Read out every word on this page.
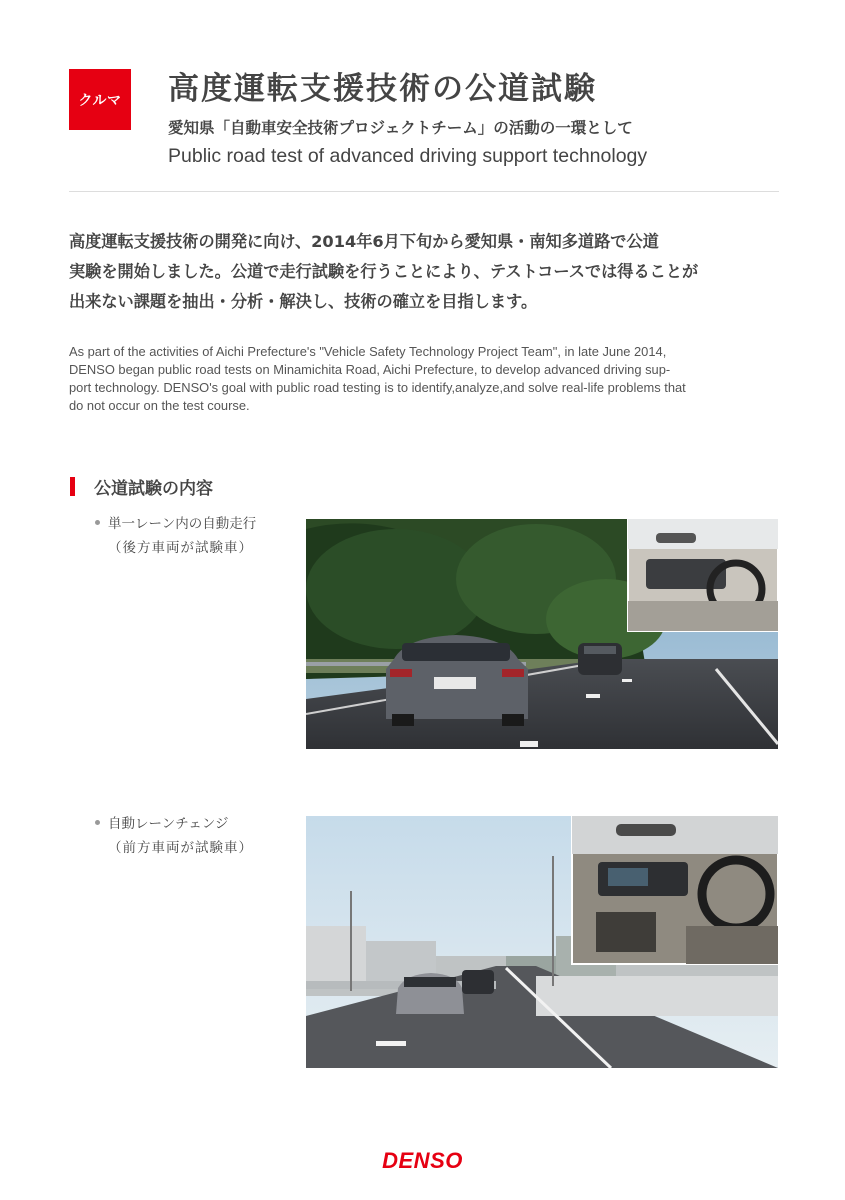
クルマ	高度運転支援技術の公道試験
愛知県「自動車安全技術プロジェクトチーム」の活動の一環として
Public road test of advanced driving support technology
高度運転支援技術の開発に向け、2014年6月下旬から愛知県・南知多道路で公道
実験を開始しました。公道で走行試験を行うことにより、テストコースでは得ることが
出来ない課題を抽出・分析・解決し、技術の確立を目指します。
As part of the activities of Aichi Prefecture's "Vehicle Safety Technology Project Team", in late June 2014,
DENSO began public road tests on Minamichita Road, Aichi Prefecture, to develop advanced driving sup-
port technology. DENSO's goal with public road testing is to identify,analyze,and solve real-life problems that
do not occur on the test course.
公道試験の内容
単一レーン内の自動走行
（後方車両が試験車）
自動レーンチェンジ
（前方車両が試験車）
DENSO
